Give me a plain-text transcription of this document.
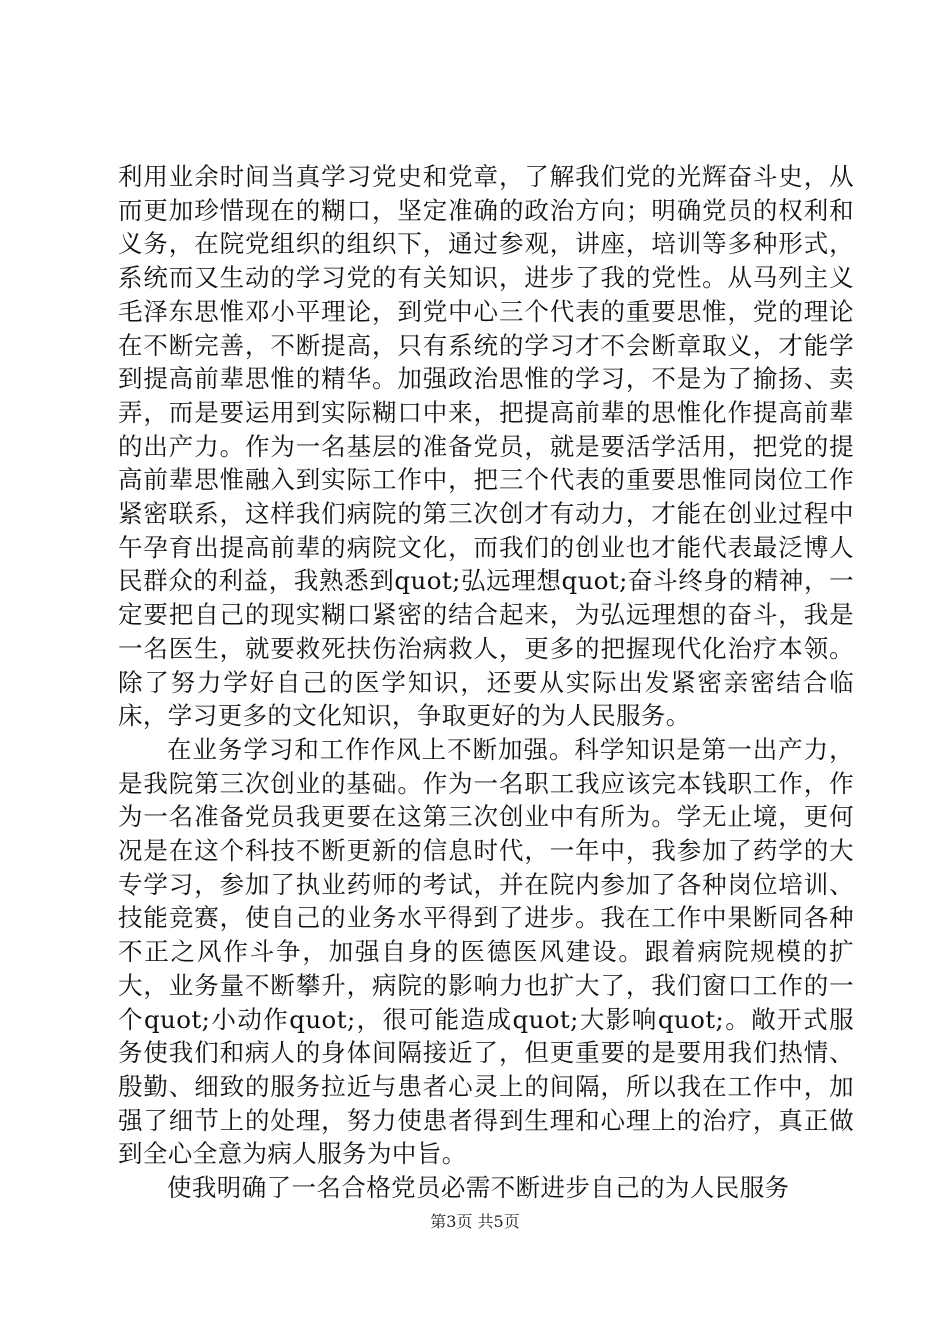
利用业余时间当真学习党史和党章，了解我们党的光辉奋斗史，从而更加珍惜现在的糊口，坚定准确的政治方向；明确党员的权利和义务，在院党组织的组织下，通过参观，讲座，培训等多种形式，系统而又生动的学习党的有关知识，进步了我的党性。从马列主义毛泽东思惟邓小平理论，到党中心三个代表的重要思惟，党的理论在不断完善，不断提高，只有系统的学习才不会断章取义，才能学到提高前辈思惟的精华。加强政治思惟的学习，不是为了揄扬、卖弄，而是要运用到实际糊口中来，把提高前辈的思惟化作提高前辈的出产力。作为一名基层的准备党员，就是要活学活用，把党的提高前辈思惟融入到实际工作中，把三个代表的重要思惟同岗位工作紧密联系，这样我们病院的第三次创才有动力，才能在创业过程中午孕育出提高前辈的病院文化，而我们的创业也才能代表最泛博人民群众的利益，我熟悉到quot;弘远理想quot;奋斗终身的精神，一定要把自己的现实糊口紧密的结合起来，为弘远理想的奋斗，我是一名医生，就要救死扶伤治病救人，更多的把握现代化治疗本领。除了努力学好自己的医学知识，还要从实际出发紧密亲密结合临床，学习更多的文化知识，争取更好的为人民服务。

在业务学习和工作作风上不断加强。科学知识是第一出产力，是我院第三次创业的基础。作为一名职工我应该完本钱职工作，作为一名准备党员我更要在这第三次创业中有所为。学无止境，更何况是在这个科技不断更新的信息时代，一年中，我参加了药学的大专学习，参加了执业药师的考试，并在院内参加了各种岗位培训、技能竞赛，使自己的业务水平得到了进步。我在工作中果断同各种不正之风作斗争，加强自身的医德医风建设。跟着病院规模的扩大，业务量不断攀升，病院的影响力也扩大了，我们窗口工作的一个quot;小动作quot;，很可能造成quot;大影响quot;。敞开式服务使我们和病人的身体间隔接近了，但更重要的是要用我们热情、殷勤、细致的服务拉近与患者心灵上的间隔，所以我在工作中，加强了细节上的处理，努力使患者得到生理和心理上的治疗，真正做到全心全意为病人服务为中旨。

使我明确了一名合格党员必需不断进步自己的为人民服务

第3页 共5页
